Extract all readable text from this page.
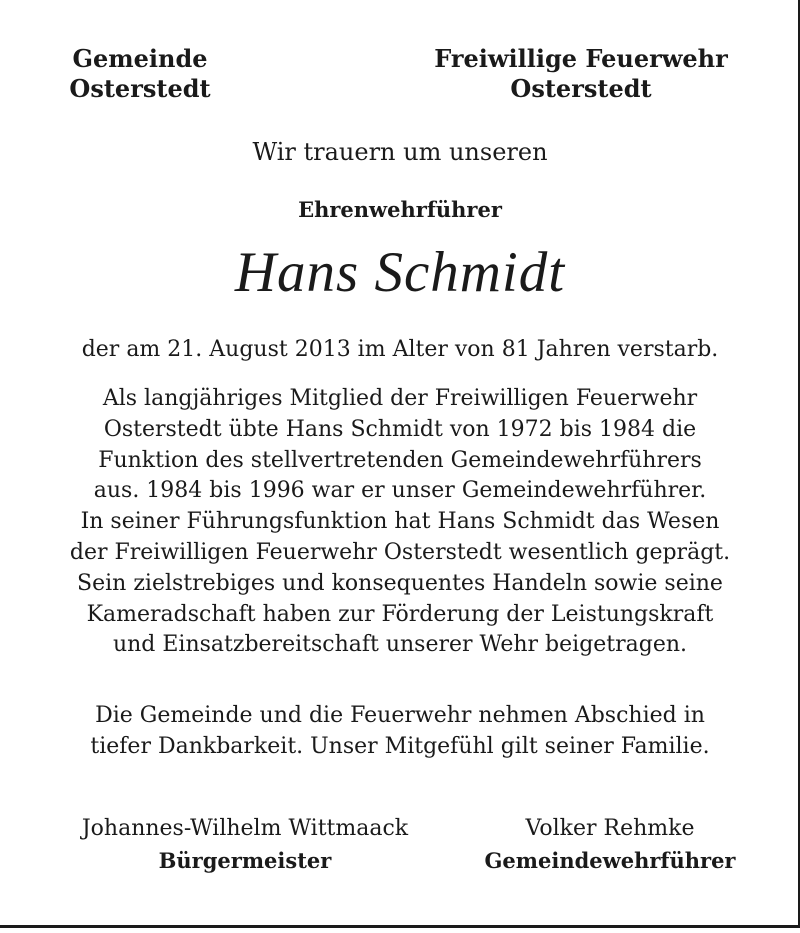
Gemeinde
Osterstedt
Freiwillige Feuerwehr
Osterstedt
Wir trauern um unseren
Ehrenwehrführer
Hans Schmidt
der am 21. August 2013 im Alter von 81 Jahren verstarb.
Als langjähriges Mitglied der Freiwilligen Feuerwehr
Osterstedt übte Hans Schmidt von 1972 bis 1984 die
Funktion des stellvertretenden Gemeindewehrführers
aus. 1984 bis 1996 war er unser Gemeindewehrführer.
In seiner Führungsfunktion hat Hans Schmidt das Wesen
der Freiwilligen Feuerwehr Osterstedt wesentlich geprägt.
Sein zielstrebiges und konsequentes Handeln sowie seine
Kameradschaft haben zur Förderung der Leistungskraft
und Einsatzbereitschaft unserer Wehr beigetragen.
Die Gemeinde und die Feuerwehr nehmen Abschied in
tiefer Dankbarkeit. Unser Mitgefühl gilt seiner Familie.
Johannes-Wilhelm Wittmaack
Bürgermeister
Volker Rehmke
Gemeindewehrführer
